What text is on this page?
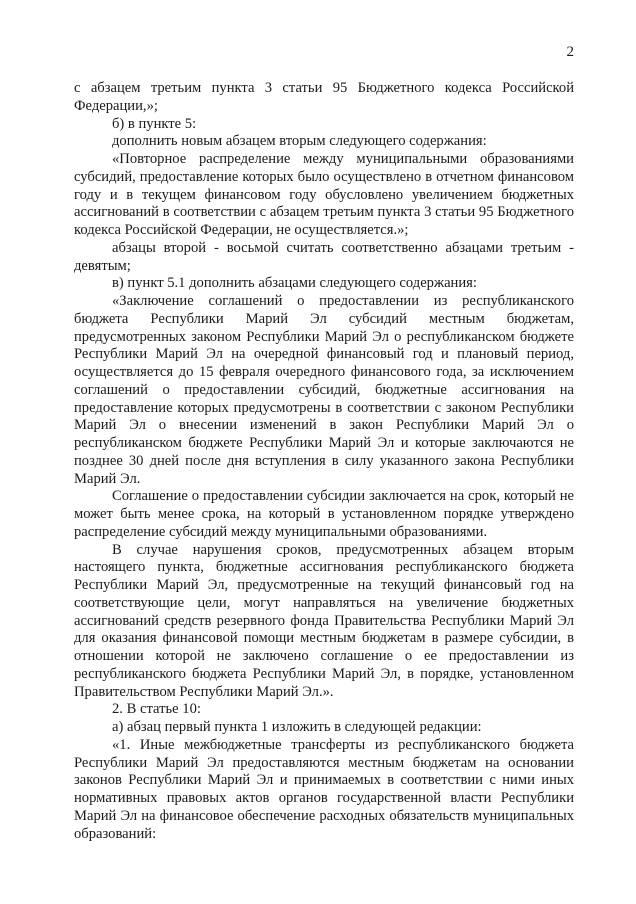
2

с абзацем третьим пункта 3 статьи 95 Бюджетного кодекса Российской Федерации,»;

б) в пункте 5:

дополнить новым абзацем вторым следующего содержания:

«Повторное распределение между муниципальными образованиями субсидий, предоставление которых было осуществлено в отчетном финансовом году и в текущем финансовом году обусловлено увеличением бюджетных ассигнований в соответствии с абзацем третьим пункта 3 статьи 95 Бюджетного кодекса Российской Федерации, не осуществляется.»;

абзацы второй - восьмой считать соответственно абзацами третьим - девятым;

в) пункт 5.1 дополнить абзацами следующего содержания:

«Заключение соглашений о предоставлении из республиканского бюджета Республики Марий Эл субсидий местным бюджетам, предусмотренных законом Республики Марий Эл о республиканском бюджете Республики Марий Эл на очередной финансовый год и плановый период, осуществляется до 15 февраля очередного финансового года, за исключением соглашений о предоставлении субсидий, бюджетные ассигнования на предоставление которых предусмотрены в соответствии с законом Республики Марий Эл о внесении изменений в закон Республики Марий Эл о республиканском бюджете Республики Марий Эл и которые заключаются не позднее 30 дней после дня вступления в силу указанного закона Республики Марий Эл.

Соглашение о предоставлении субсидии заключается на срок, который не может быть менее срока, на который в установленном порядке утверждено распределение субсидий между муниципальными образованиями.

В случае нарушения сроков, предусмотренных абзацем вторым настоящего пункта, бюджетные ассигнования республиканского бюджета Республики Марий Эл, предусмотренные на текущий финансовый год на соответствующие цели, могут направляться на увеличение бюджетных ассигнований средств резервного фонда Правительства Республики Марий Эл для оказания финансовой помощи местным бюджетам в размере субсидии, в отношении которой не заключено соглашение о ее предоставлении из республиканского бюджета Республики Марий Эл, в порядке, установленном Правительством Республики Марий Эл.».

2. В статье 10:

а) абзац первый пункта 1 изложить в следующей редакции:

«1. Иные межбюджетные трансферты из республиканского бюджета Республики Марий Эл предоставляются местным бюджетам на основании законов Республики Марий Эл и принимаемых в соответствии с ними иных нормативных правовых актов органов государственной власти Республики Марий Эл на финансовое обеспечение расходных обязательств муниципальных образований:
